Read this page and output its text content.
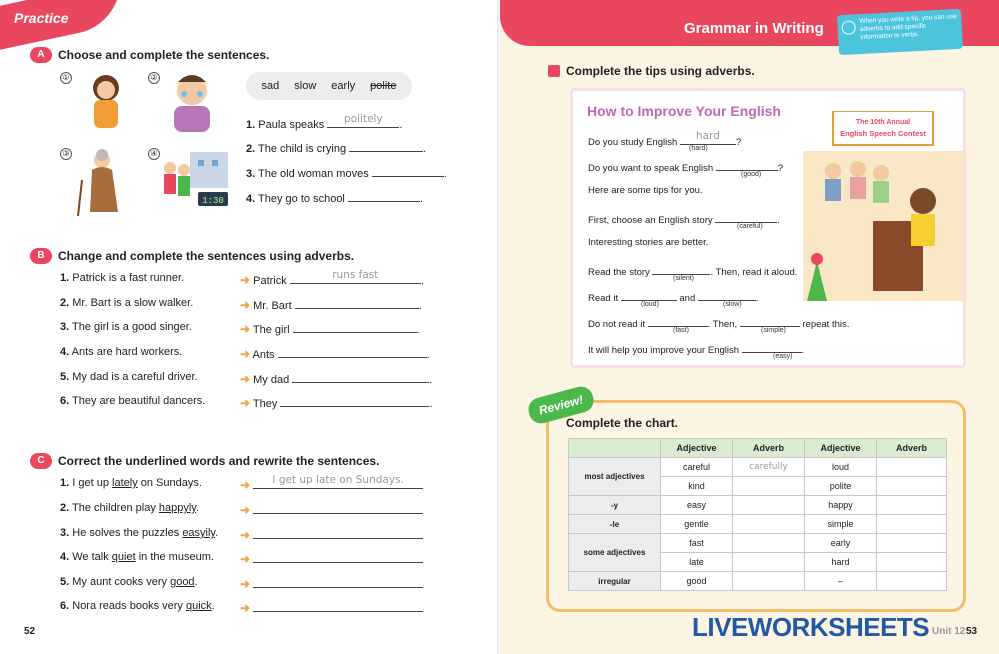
Practice
A	Choose and complete the sentences.
①	②
③	④
1:30
sad slow early polite
1. Paula speaks	politely	.
2. The child is crying	.
3. The old woman moves	.
4. They go to school	.
B	Change and complete the sentences using adverbs.
1. Patrick is a fast runner.	➜ Patrick	runs fast	.
2. Mr. Bart is a slow walker.	➜ Mr. Bart	.
3. The girl is a good singer.	➜ The girl	.
4. Ants are hard workers.	➜ Ants	.
5. My dad is a careful driver.	➜ My dad	.
6. They are beautiful dancers.	➜ They	.
C	Correct the underlined words and rewrite the sentences.
1. I get up lately on Sundays.	➜	I get up late on Sundays.
2. The children play happyly.	➜
3. He solves the puzzles easyily. ➜
4. We talk quiet in the museum. ➜
5. My aunt cooks very good.	➜
6. Nora reads books very quick. ➜
52
Grammar in Writing
When you write a tip, you can use adverbs to add specific information to verbs.
Complete the tips using adverbs.
How to Improve Your English
Do you study English
hard
?
(hard)
Do you want to speak English	?
(good)
Here are some tips for you.
First, choose an English story	.
(careful)
Interesting stories are better.
Read the story	. Then, read it aloud.
(silent)
Read it	and	.
(loud)	(slow)
Do not read it	. Then,	repeat this.
(fast)	(simple)
It will help you improve your English	.
(easy)
The 10th Annual
English Speech Contest
Review!
Complete the chart.
	Adjective	Adverb	Adjective	Adverb
most adjectives	careful	carefully	loud	
	kind		polite	
-y	easy		happy	
-le	gentle		simple	
some adjectives	fast		early	
	late		hard	
irregular	good		–	
Unit 12 53
LIVEWORKSHEETS
